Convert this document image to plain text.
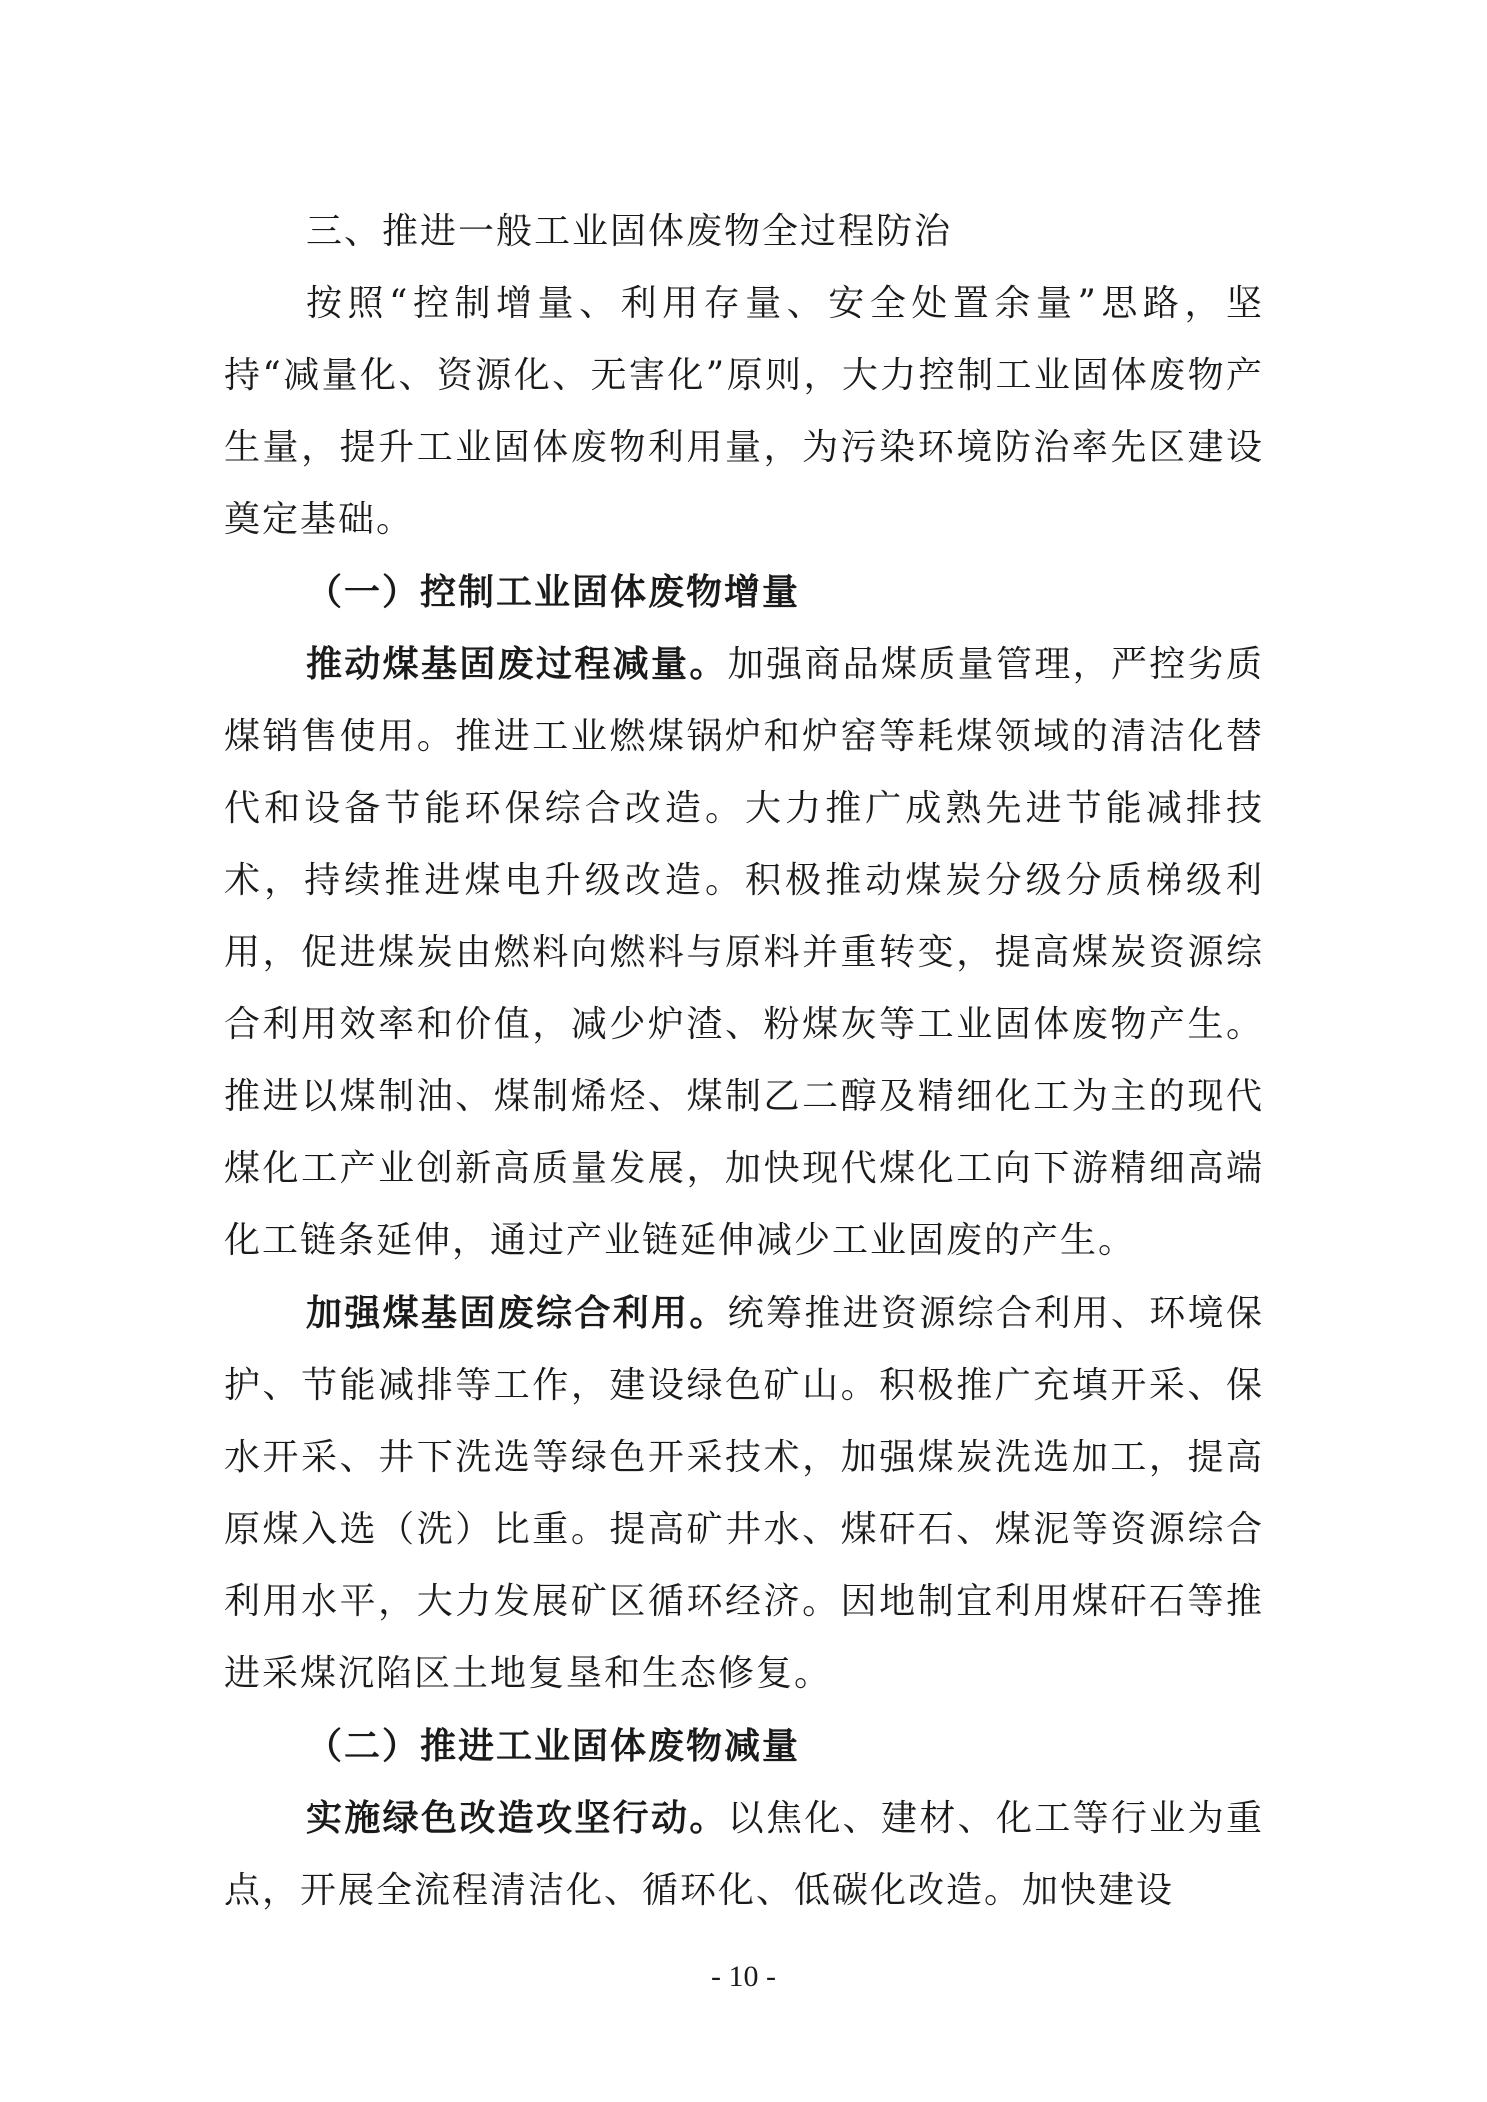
三、推进一般工业固体废物全过程防治

按照“控制增量、利用存量、安全处置余量”思路，坚持“减量化、资源化、无害化”原则，大力控制工业固体废物产生量，提升工业固体废物利用量，为污染环境防治率先区建设奠定基础。

（一）控制工业固体废物增量

推动煤基固废过程减量。加强商品煤质量管理，严控劣质煤销售使用。推进工业燃煤锅炉和炉窑等耗煤领域的清洁化替代和设备节能环保综合改造。大力推广成熟先进节能减排技术，持续推进煤电升级改造。积极推动煤炭分级分质梯级利用，促进煤炭由燃料向燃料与原料并重转变，提高煤炭资源综合利用效率和价值，减少炉渣、粉煤灰等工业固体废物产生。推进以煤制油、煤制烯烃、煤制乙二醇及精细化工为主的现代煤化工产业创新高质量发展，加快现代煤化工向下游精细高端化工链条延伸，通过产业链延伸减少工业固废的产生。

加强煤基固废综合利用。统筹推进资源综合利用、环境保护、节能减排等工作，建设绿色矿山。积极推广充填开采、保水开采、井下洗选等绿色开采技术，加强煤炭洗选加工，提高原煤入选（洗）比重。提高矿井水、煤矸石、煤泥等资源综合利用水平，大力发展矿区循环经济。因地制宜利用煤矸石等推进采煤沉陷区土地复垦和生态修复。

（二）推进工业固体废物减量

实施绿色改造攻坚行动。以焦化、建材、化工等行业为重点，开展全流程清洁化、循环化、低碳化改造。加快建设

- 10 -
